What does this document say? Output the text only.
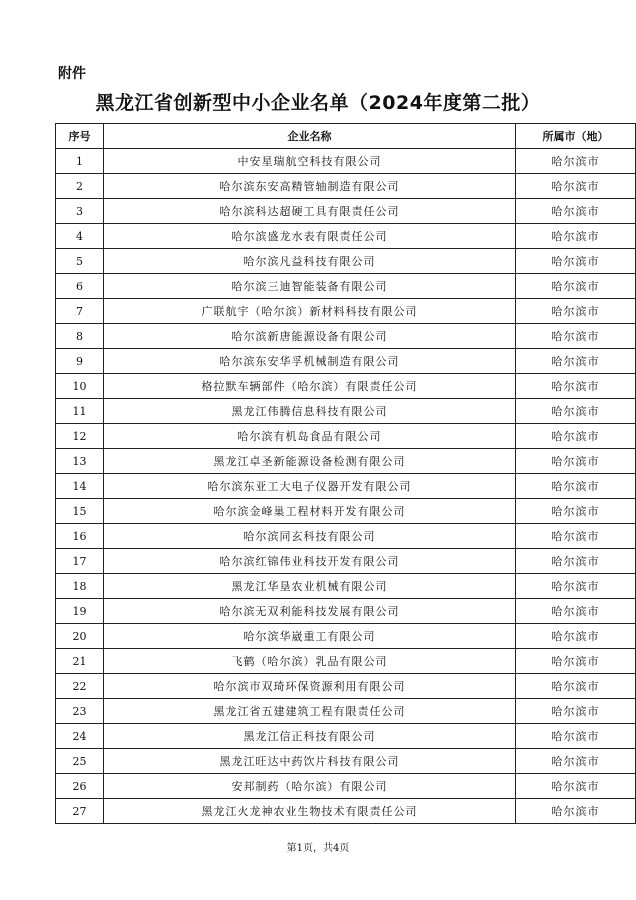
附件
黑龙江省创新型中小企业名单（2024年度第二批）
序号	企业名称	所属市（地）
1	中安星瑞航空科技有限公司	哈尔滨市
2	哈尔滨东安高精管轴制造有限公司	哈尔滨市
3	哈尔滨科达超硬工具有限责任公司	哈尔滨市
4	哈尔滨盛龙水表有限责任公司	哈尔滨市
5	哈尔滨凡益科技有限公司	哈尔滨市
6	哈尔滨三迪智能装备有限公司	哈尔滨市
7	广联航宇（哈尔滨）新材料科技有限公司	哈尔滨市
8	哈尔滨新唐能源设备有限公司	哈尔滨市
9	哈尔滨东安华孚机械制造有限公司	哈尔滨市
10	格拉默车辆部件（哈尔滨）有限责任公司	哈尔滨市
11	黑龙江伟腾信息科技有限公司	哈尔滨市
12	哈尔滨有机岛食品有限公司	哈尔滨市
13	黑龙江卓圣新能源设备检测有限公司	哈尔滨市
14	哈尔滨东亚工大电子仪器开发有限公司	哈尔滨市
15	哈尔滨金峰巢工程材料开发有限公司	哈尔滨市
16	哈尔滨同玄科技有限公司	哈尔滨市
17	哈尔滨红锦伟业科技开发有限公司	哈尔滨市
18	黑龙江华垦农业机械有限公司	哈尔滨市
19	哈尔滨无双利能科技发展有限公司	哈尔滨市
20	哈尔滨华崴重工有限公司	哈尔滨市
21	飞鹤（哈尔滨）乳品有限公司	哈尔滨市
22	哈尔滨市双琦环保资源利用有限公司	哈尔滨市
23	黑龙江省五建建筑工程有限责任公司	哈尔滨市
24	黑龙江信正科技有限公司	哈尔滨市
25	黑龙江旺达中药饮片科技有限公司	哈尔滨市
26	安邦制药（哈尔滨）有限公司	哈尔滨市
27	黑龙江火龙神农业生物技术有限责任公司	哈尔滨市
第1页，共4页
